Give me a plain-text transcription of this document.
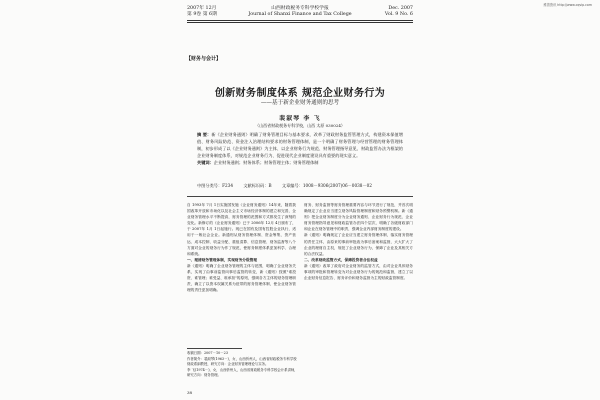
维普资讯 http://www.cqvip.com
2007年 12月
第 9卷 第 6期
山西财政税务专科学校学报
Journal of Shanxi Finance and Tax College
Dec. 2007
Vol. 9 No. 6
【财务与会计】
创新财务制度体系 规范企业财务行为
——基于新企业财务通则的思考
裴淑琴 李 飞
（山西省财政税务专科学校，山西 太原 030024）
摘 要：新《企业财务通则》明确了财务管理目标与基本要求，改革了财政财务监管管理方式，构建资本保值增值、财务风险防范、资金注入治理结构要求的财务管理体制，是一个明确了财务管理与经营管理的财务管理体制，初步形成了以《企业财务通则》为主体、以企业财务行为规范、财务管理指导意见、财政监管办法为框架的企业财务制度体系，对规范企业财务行为、促进现代企业制度建设具有重要的现实意义。
关键词：企业财务通则；财务体系；财务管理主体；财务管理体制
中图分类号：F234 文献标识码：B 文章编号：1008－9306(2007)06－0038－02
自 1993年 7月 1日实施国发施《企业财务通则》14年来，随着我国改革开放和市场化以及社会主义市场经济体制的建立和完善，企业财务管理水平不断提高，财务管理的范围和方式都发生了深刻的变化。新修订的《企业财务通则》已于 2006年 12月 4日颁布了，于 2007年 1月 1日起施行。现已在国有及国有控股企业执行，适用于一般社会企业。新通则从财务管理体制、资金筹集、资产营运、成本控制、收益分配、重组清算、信息管理、财务监督等八个方面对企业的财务行为作了规范，使财务制度体系更加科学、合理和系统。
一、理清财务管理体制，实现财务分级管理
新《通则》明确了企业财务管理的主体与范围，明确了企业财务关系，实现了由事前监管向事后监管的转变，新《通则》按照"谁投资、谁管理；谁受益、谁承担"的原则，强调各方主体的财务管理职责，确立了以资本权属关系为纽带的财务管理体制，使企业财务管理的责任更加明确。
财务、财务监督等财务管理重要内容与环节进行了规范，并首次明确规定了企业应当建立财务风险管理制度和财务预警机制。新《通则》把企业财务制度分为企业财务通则、企业财务行为规范、企业财务管理指导意见和财政监管办法四个层次，明确了各级财政部门和企业在财务管理中的职责，强调企业内部财务制度的建设。
新《通则》明确规定了企业应当建立财务管理体制，落实财务管理的责任主体，由原来的事前审批改为事后备案和监督，大大扩大了企业的理财自主权，规范了企业财务行为，保障了企业及其相关方的合法权益。
二、改革财政监管方式，保障投资者合法权益
新《通则》改革了政府对企业财务的监管方式，由对企业具体财务事项的审批和管理转变为对企业财务行为的规范和监督，建立了以企业财务信息报告、财务评价和财务监督为主的财政监管制度。
收稿日期：2007－10－23
作者简介：裴淑琴(1963－)，女，山西忻州人，山西省财政税务专科学校财政系副教授，研究方向：企业财务管理理论与实务。
李 飞(1974－)，女，山西忻州人，山西省财政税务专科学校会计系讲师，研究方向：财务管理。
38
